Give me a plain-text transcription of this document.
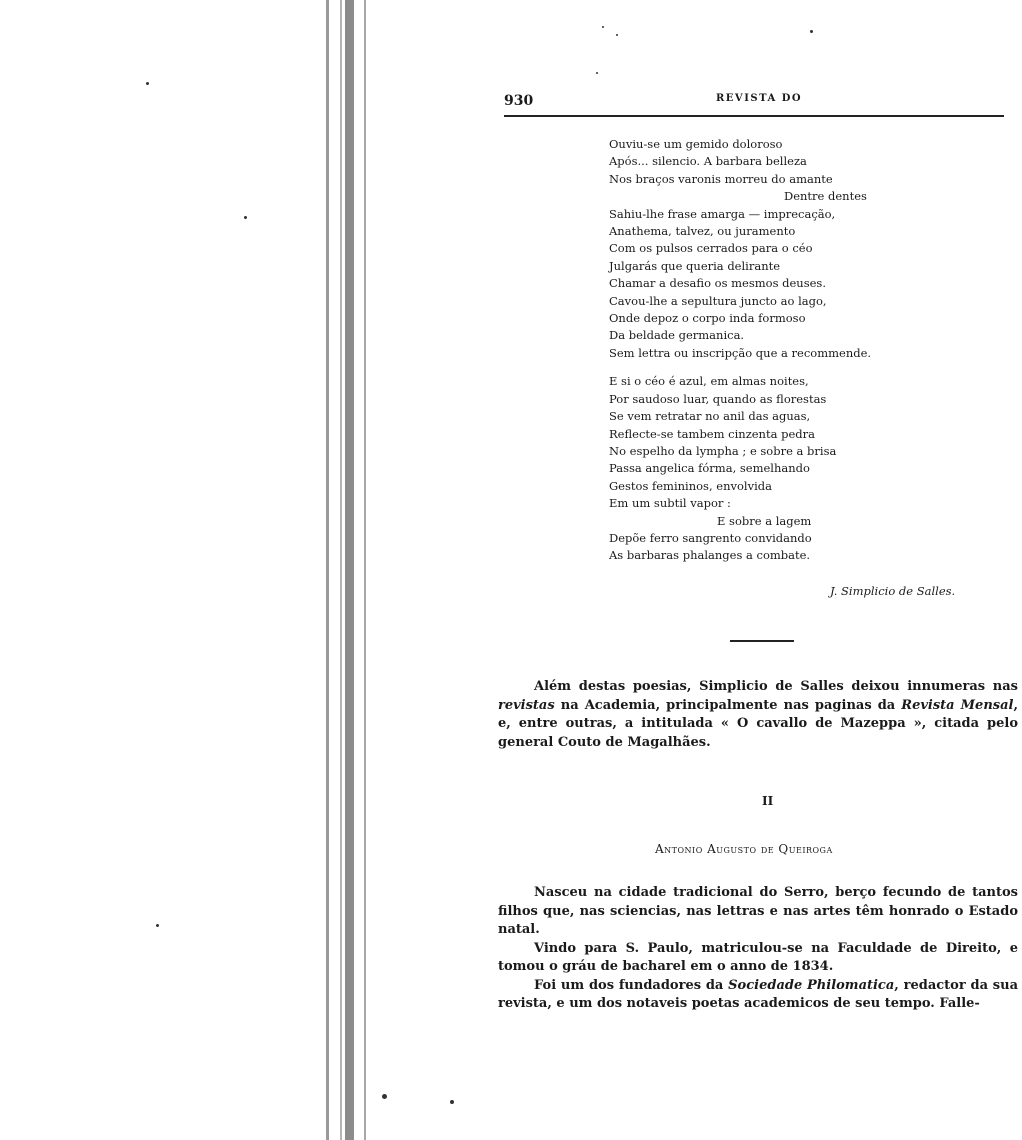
930	REVISTA DO
Ouviu-se um gemido doloroso
Após... silencio. A barbara belleza
Nos braços varonis morreu do amante
Dentre dentes
Sahiu-lhe frase amarga — imprecação,
Anathema, talvez, ou juramento
Com os pulsos cerrados para o céo
Julgarás que queria delirante
Chamar a desafio os mesmos deuses.
Cavou-lhe a sepultura juncto ao lago,
Onde depoz o corpo inda formoso
Da beldade germanica.
Sem lettra ou inscripção que a recommende.
E si o céo é azul, em almas noites,
Por saudoso luar, quando as florestas
Se vem retratar no anil das aguas,
Reflecte-se tambem cinzenta pedra
No espelho da lympha ; e sobre a brisa
Passa angelica fórma, semelhando
Gestos femininos, envolvida
Em um subtil vapor :
E sobre a lagem
Depõe ferro sangrento convidando
As barbaras phalanges a combate.
J. Simplicio de Salles.

Além destas poesias, Simplicio de Salles deixou innumeras nas revistas na Academia, principalmente nas paginas da Revista Mensal, e, entre outras, a intitulada « O cavallo de Mazeppa », citada pelo general Couto de Magalhães.

II
Antonio Augusto de Queiroga

Nasceu na cidade tradicional do Serro, berço fecundo de tantos filhos que, nas sciencias, nas lettras e nas artes têm honrado o Estado natal.

Vindo para S. Paulo, matriculou-se na Faculdade de Direito, e tomou o gráu de bacharel em o anno de 1834.

Foi um dos fundadores da Sociedade Philomatica, redactor da sua revista, e um dos notaveis poetas academicos de seu tempo. Falle-
